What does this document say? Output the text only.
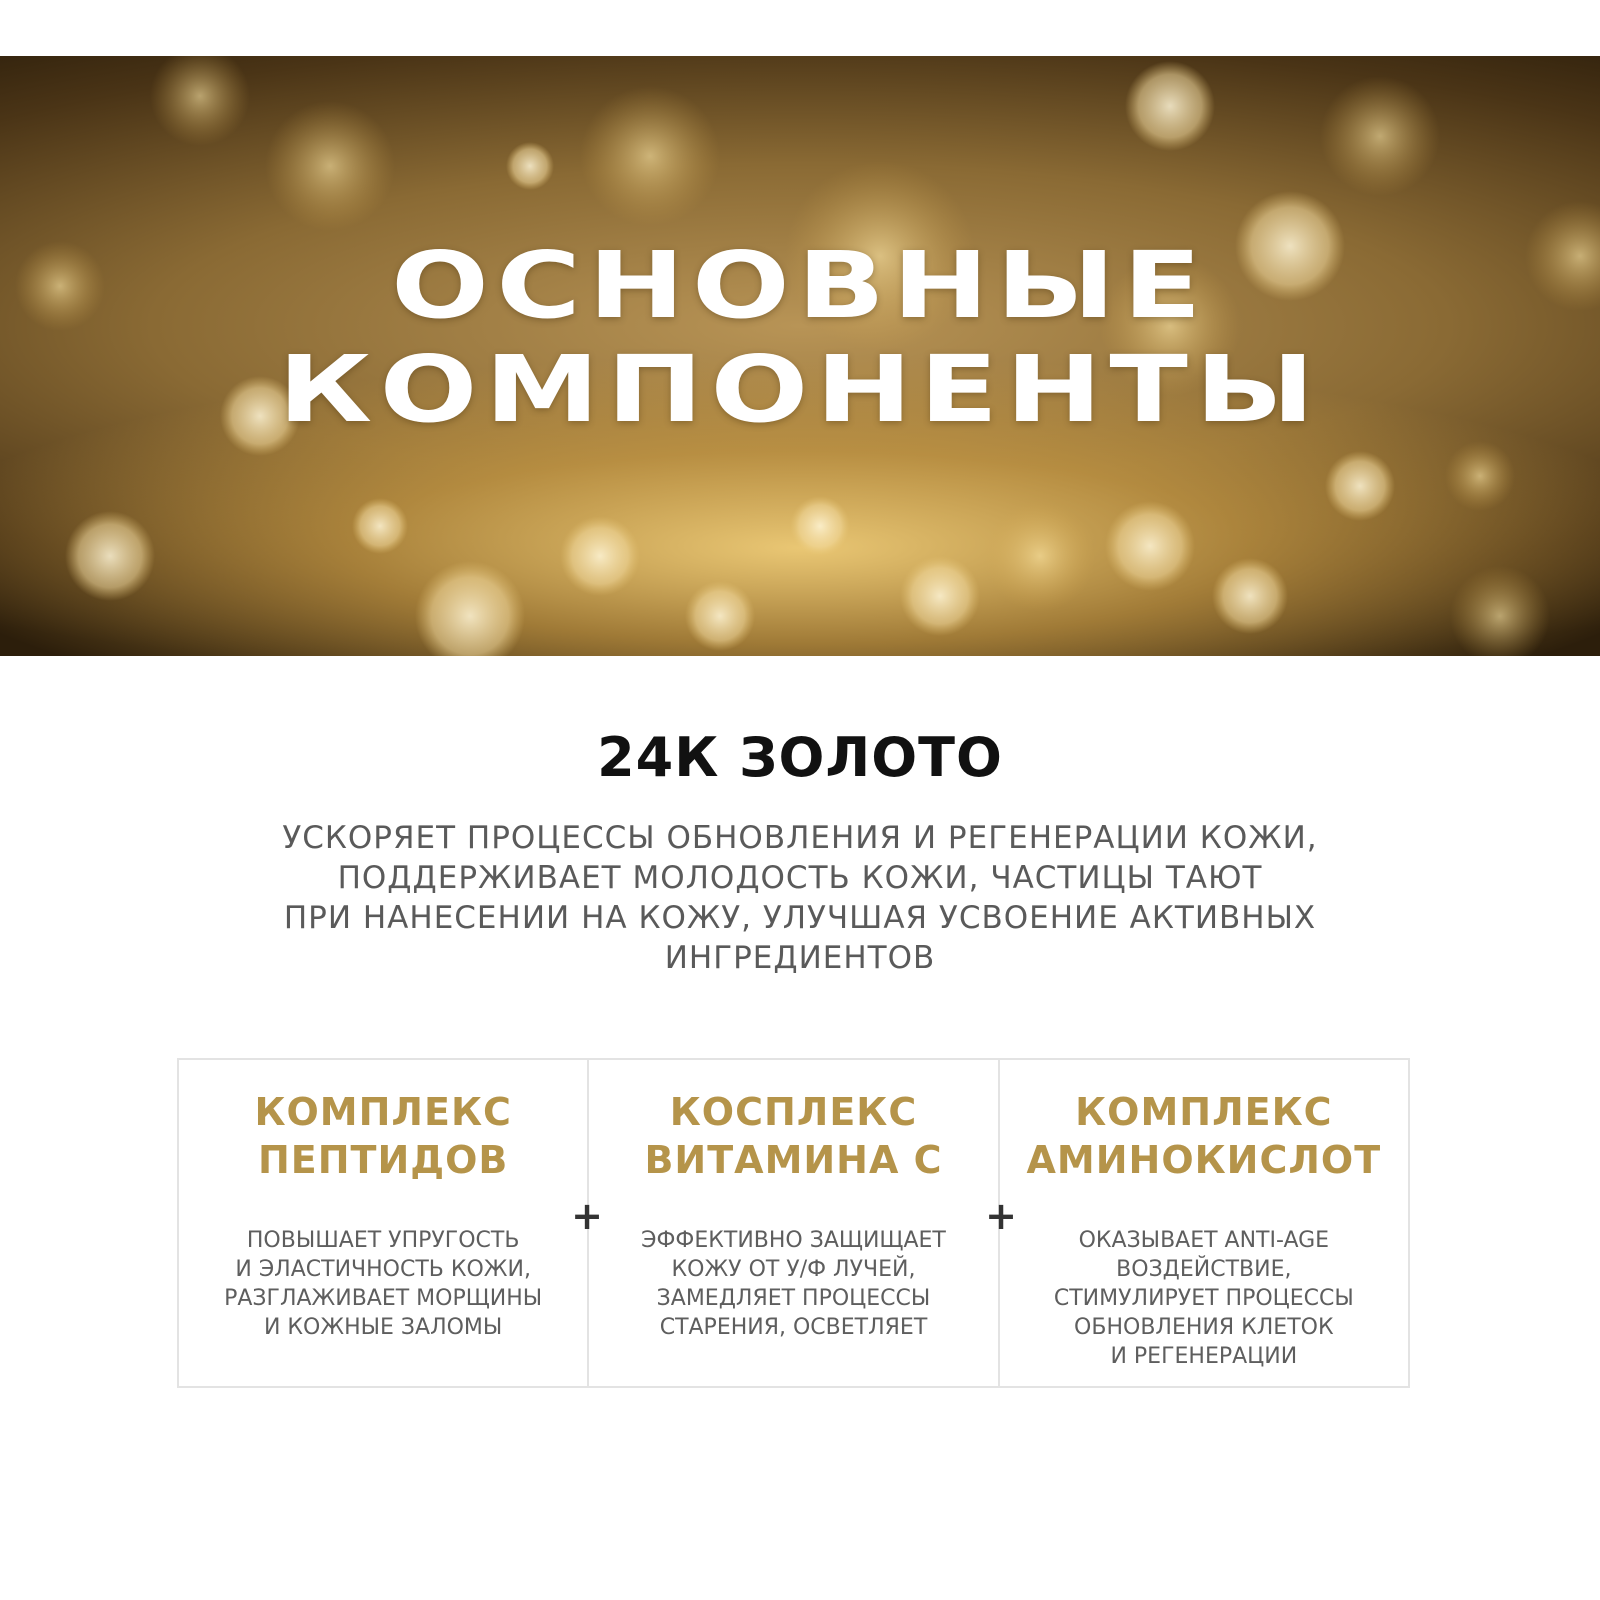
ОСНОВНЫЕ
КОМПОНЕНТЫ
24К ЗОЛОТО
УСКОРЯЕТ ПРОЦЕССЫ ОБНОВЛЕНИЯ И РЕГЕНЕРАЦИИ КОЖИ,
ПОДДЕРЖИВАЕТ МОЛОДОСТЬ КОЖИ, ЧАСТИЦЫ ТАЮТ
ПРИ НАНЕСЕНИИ НА КОЖУ, УЛУЧШАЯ УСВОЕНИЕ АКТИВНЫХ
ИНГРЕДИЕНТОВ
КОМПЛЕКС
ПЕПТИДОВ
ПОВЫШАЕТ УПРУГОСТЬ
И ЭЛАСТИЧНОСТЬ КОЖИ,
РАЗГЛАЖИВАЕТ МОРЩИНЫ
И КОЖНЫЕ ЗАЛОМЫ
КОСПЛЕКС
ВИТАМИНА С
ЭФФЕКТИВНО ЗАЩИЩАЕТ
КОЖУ ОТ У/Ф ЛУЧЕЙ,
ЗАМЕДЛЯЕТ ПРОЦЕССЫ
СТАРЕНИЯ, ОСВЕТЛЯЕТ
КОМПЛЕКС
АМИНОКИСЛОТ
ОКАЗЫВАЕТ ANTI-AGE
ВОЗДЕЙСТВИЕ,
СТИМУЛИРУЕТ ПРОЦЕССЫ
ОБНОВЛЕНИЯ КЛЕТОК
И РЕГЕНЕРАЦИИ
+	+
